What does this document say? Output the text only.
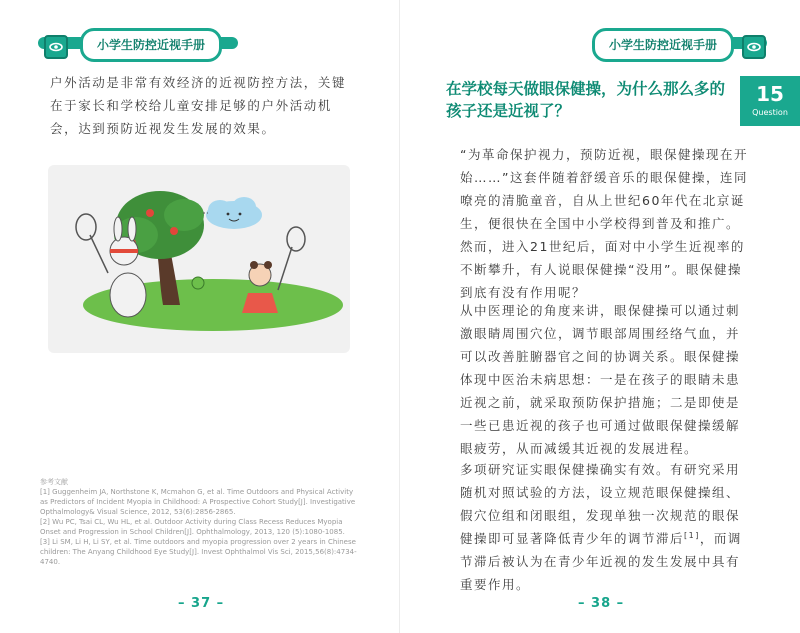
小学生防控近视手册
户外活动是非常有效经济的近视防控方法，关键在于家长和学校给儿童安排足够的户外活动机会，达到预防近视发生发展的效果。

参考文献

[1] Guggenheim JA, Northstone K, Mcmahon G, et al. Time Outdoors and Physical Activity as Predictors of Incident Myopia in Childhood: A Prospective Cohort Study[J]. Investigative Opthalmology& Visual Science, 2012, 53(6):2856-2865.

[2] Wu PC, Tsai CL, Wu HL, et al. Outdoor Activity during Class Recess Reduces Myopia Onset and Progression in School Children[J]. Ophthalmology, 2013, 120 (5):1080-1085.

[3] Li SM, Li H, Li SY, et al. Time outdoors and myopia progression over 2 years in Chinese children: The Anyang Childhood Eye Study[J]. Invest Ophthalmol Vis Sci, 2015,56(8):4734-4740.

– 37 –
小学生防控近视手册
在学校每天做眼保健操，为什么那么多的孩子还是近视了？
15
Question
“为革命保护视力，预防近视，眼保健操现在开始……”这套伴随着舒缓音乐的眼保健操，连同嘹亮的清脆童音，自从上世纪60年代在北京诞生，便很快在全国中小学校得到普及和推广。然而，进入21世纪后，面对中小学生近视率的不断攀升，有人说眼保健操“没用”。眼保健操到底有没有作用呢？
从中医理论的角度来讲，眼保健操可以通过刺激眼睛周围穴位，调节眼部周围经络气血，并可以改善脏腑器官之间的协调关系。眼保健操体现中医治未病思想：一是在孩子的眼睛未患近视之前，就采取预防保护措施；二是即使是一些已患近视的孩子也可通过做眼保健操缓解眼疲劳，从而减缓其近视的发展进程。
多项研究证实眼保健操确实有效。有研究采用随机对照试验的方法，设立规范眼保健操组、假穴位组和闭眼组，发现单独一次规范的眼保健操即可显著降低青少年的调节滞后[1]，而调节滞后被认为在青少年近视的发生发展中具有重要作用。
– 38 –
